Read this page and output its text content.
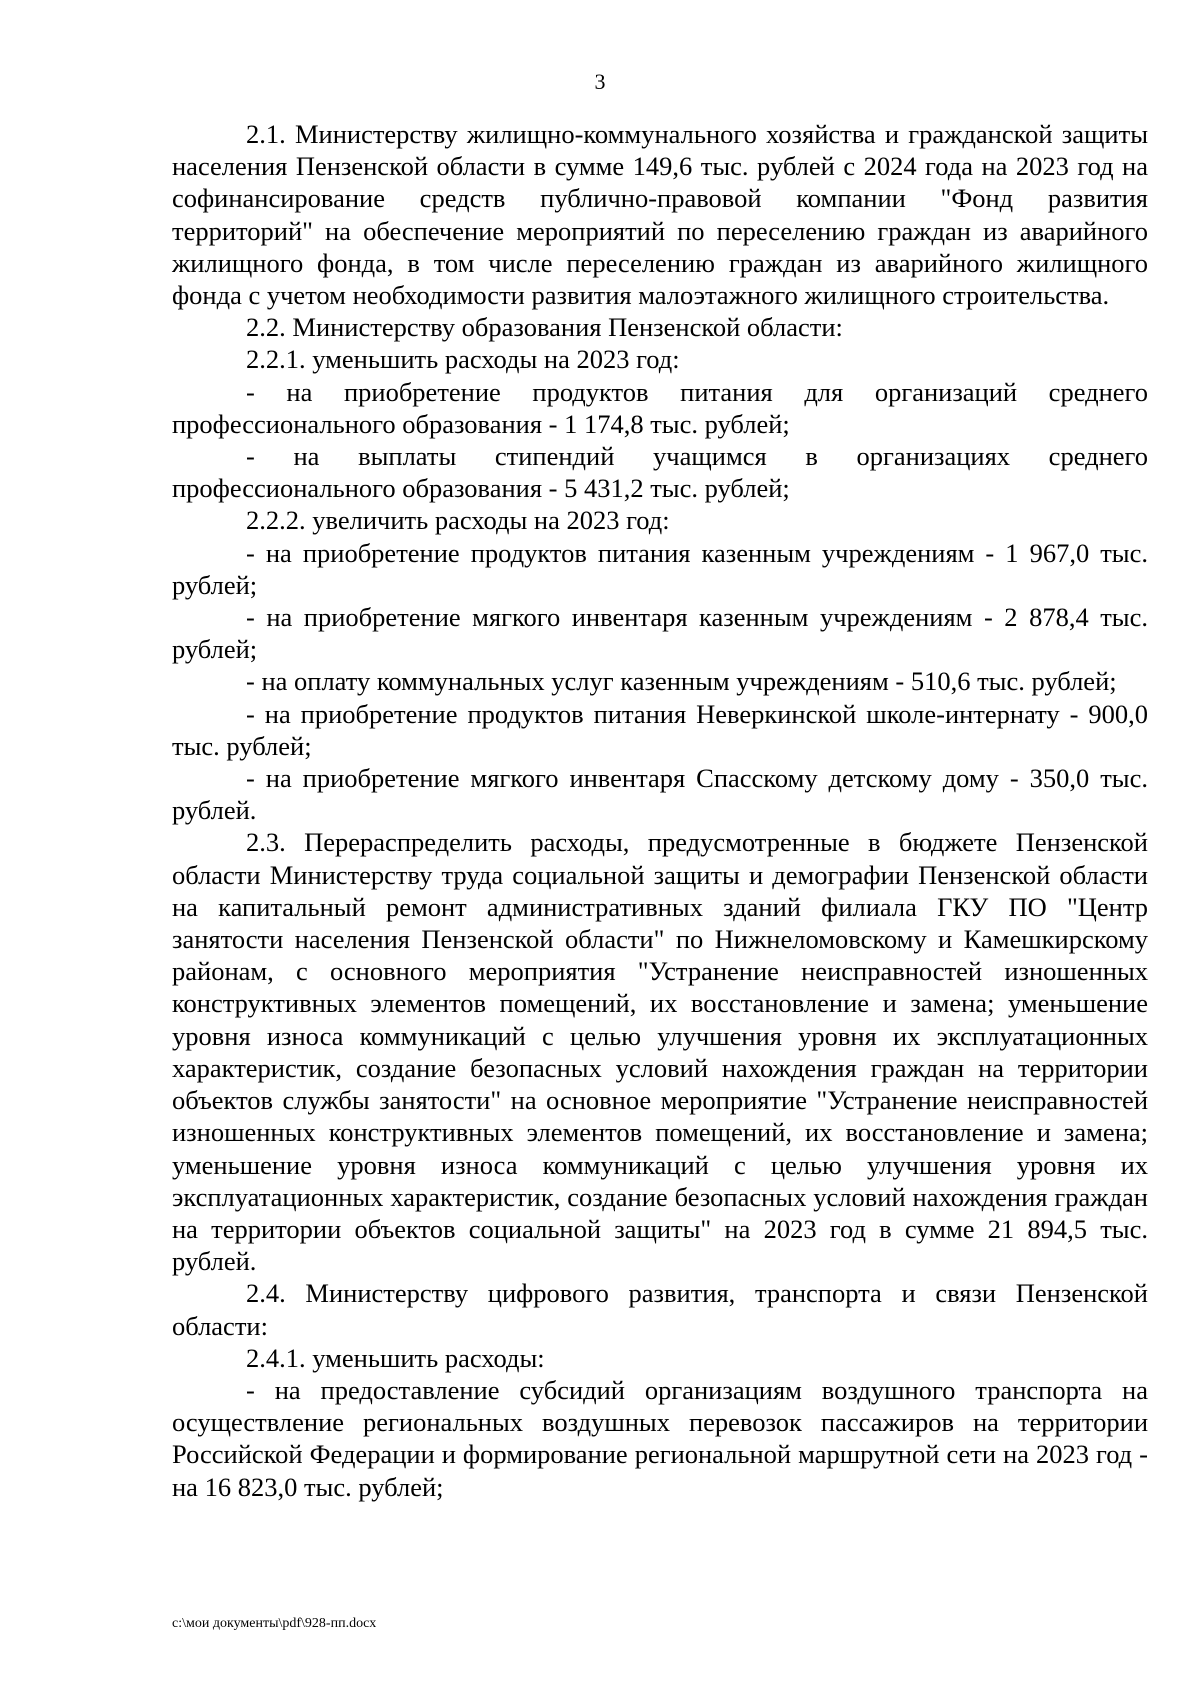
3

2.1. Министерству жилищно-коммунального хозяйства и гражданской защиты населения Пензенской области в сумме 149,6 тыс. рублей с 2024 года на 2023 год на софинансирование средств публично-правовой компании "Фонд развития территорий" на обеспечение мероприятий по переселению граждан из аварийного жилищного фонда, в том числе переселению граждан из аварийного жилищного фонда с учетом необходимости развития малоэтажного жилищного строительства.

2.2. Министерству образования Пензенской области:

2.2.1. уменьшить расходы на 2023 год:

- на приобретение продуктов питания для организаций среднего профессионального образования - 1 174,8 тыс. рублей;

- на выплаты стипендий учащимся в организациях среднего профессионального образования - 5 431,2 тыс. рублей;

2.2.2. увеличить расходы на 2023 год:

- на приобретение продуктов питания казенным учреждениям - 1 967,0 тыс. рублей;

- на приобретение мягкого инвентаря казенным учреждениям - 2 878,4 тыс. рублей;

- на оплату коммунальных услуг казенным учреждениям - 510,6 тыс. рублей;

- на приобретение продуктов питания Неверкинской школе-интернату - 900,0 тыс. рублей;

- на приобретение мягкого инвентаря Спасскому детскому дому - 350,0 тыс. рублей.

2.3. Перераспределить расходы, предусмотренные в бюджете Пензенской области Министерству труда социальной защиты и демографии Пензенской области на капитальный ремонт административных зданий филиала ГКУ ПО "Центр занятости населения Пензенской области" по Нижнеломовскому и Камешкирскому районам, с основного мероприятия "Устранение неисправностей изношенных конструктивных элементов помещений, их восстановление и замена; уменьшение уровня износа коммуникаций с целью улучшения уровня их эксплуатационных характеристик, создание безопасных условий нахождения граждан на территории объектов службы занятости" на основное мероприятие "Устранение неисправностей изношенных конструктивных элементов помещений, их восстановление и замена; уменьшение уровня износа коммуникаций с целью улучшения уровня их эксплуатационных характеристик, создание безопасных условий нахождения граждан на территории объектов социальной защиты" на 2023 год в сумме 21 894,5 тыс. рублей.

2.4. Министерству цифрового развития, транспорта и связи Пензенской области:

2.4.1. уменьшить расходы:

- на предоставление субсидий организациям воздушного транспорта на осуществление региональных воздушных перевозок пассажиров на территории Российской Федерации и формирование региональной маршрутной сети на 2023 год - на 16 823,0 тыс. рублей;

c:\мои документы\pdf\928-пп.docx
